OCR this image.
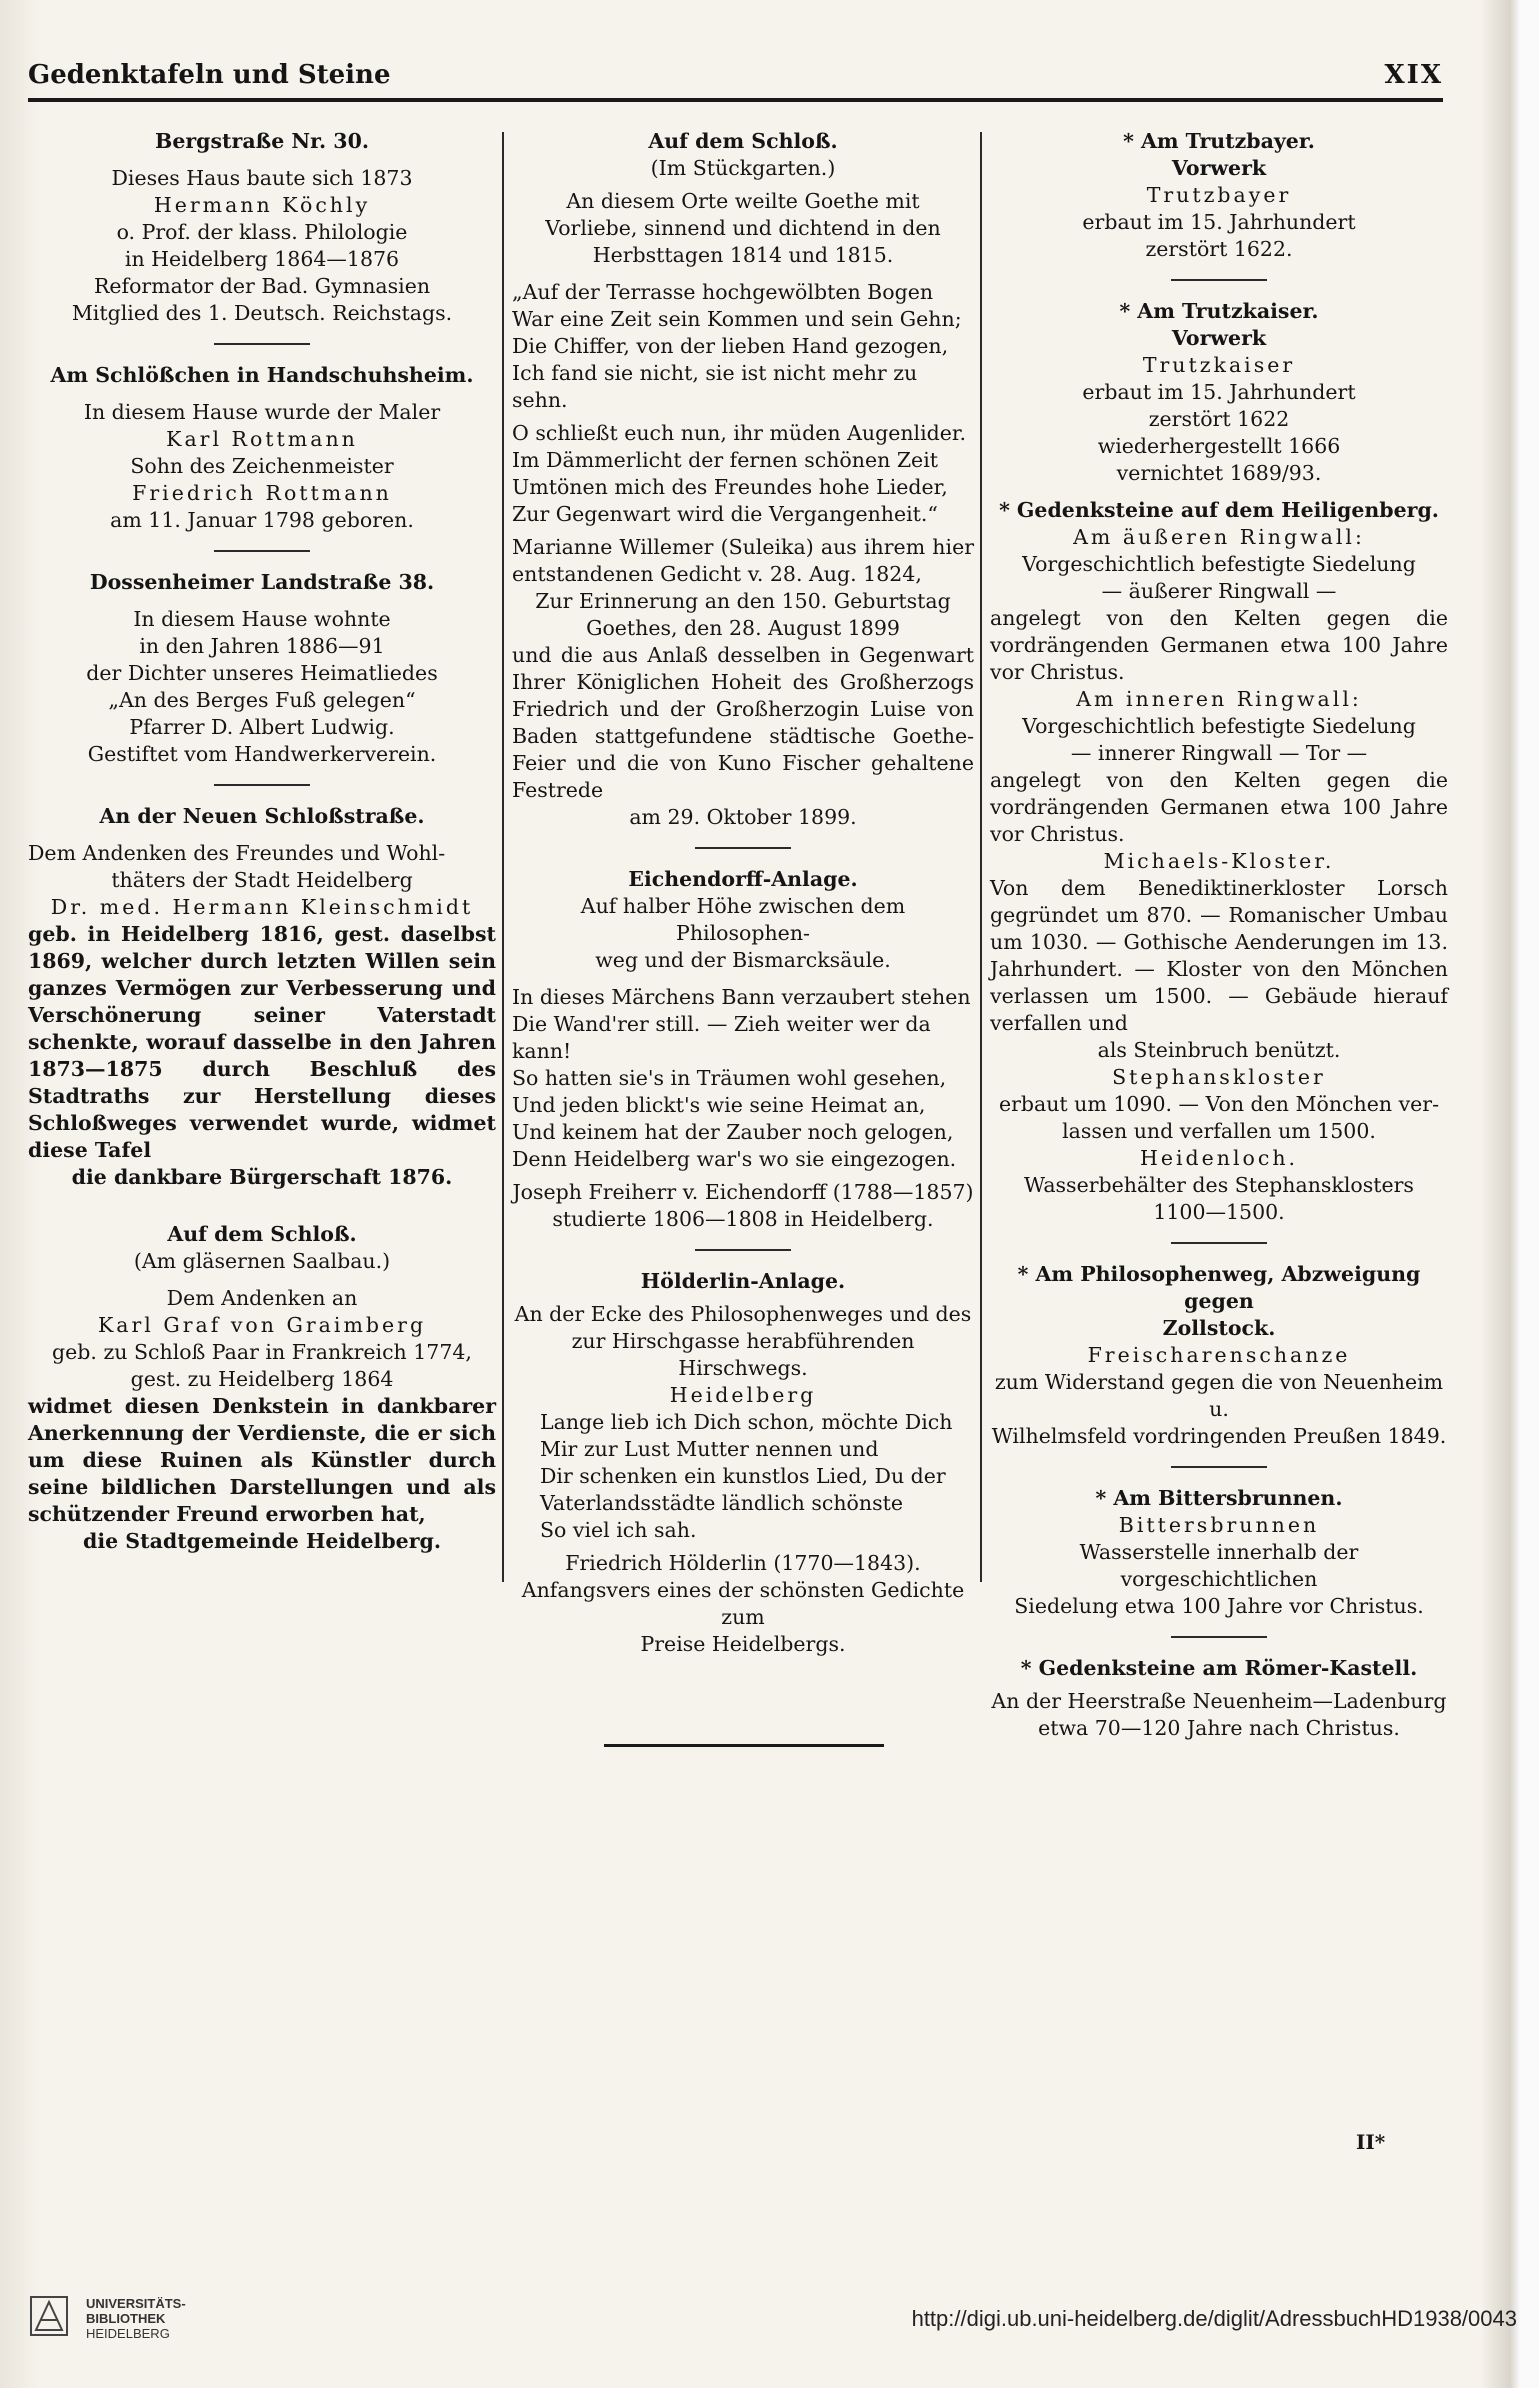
Gedenktafeln und Steine	XIX
Bergstraße Nr. 30.
Dieses Haus baute sich 1873
Hermann Köchly
o. Prof. der klass. Philologie
in Heidelberg 1864—1876
Reformator der Bad. Gymnasien
Mitglied des 1. Deutsch. Reichstags.
Am Schlößchen in Handschuhsheim.
In diesem Hause wurde der Maler
Karl Rottmann
Sohn des Zeichenmeister
Friedrich Rottmann
am 11. Januar 1798 geboren.
Dossenheimer Landstraße 38.
In diesem Hause wohnte
in den Jahren 1886—91
der Dichter unseres Heimatliedes
„An des Berges Fuß gelegen“
Pfarrer D. Albert Ludwig.
Gestiftet vom Handwerkerverein.
An der Neuen Schloßstraße.
Dem Andenken des Freundes und Wohl-
thäters der Stadt Heidelberg
Dr. med. Hermann Kleinschmidt
geb. in Heidelberg 1816, gest. daselbst 1869, welcher durch letzten Willen sein ganzes Vermögen zur Verbesserung und Verschönerung seiner Vaterstadt schenkte, worauf dasselbe in den Jahren 1873—1875 durch Beschluß des Stadtraths zur Herstellung dieses Schloßweges verwendet wurde, widmet diese Tafel
die dankbare Bürgerschaft 1876.
Auf dem Schloß.
(Am gläsernen Saalbau.)
Dem Andenken an
Karl Graf von Graimberg
geb. zu Schloß Paar in Frankreich 1774,
gest. zu Heidelberg 1864
widmet diesen Denkstein in dankbarer Anerkennung der Verdienste, die er sich um diese Ruinen als Künstler durch seine bildlichen Darstellungen und als schützender Freund erworben hat,
die Stadtgemeinde Heidelberg.
Auf dem Schloß.
(Im Stückgarten.)
An diesem Orte weilte Goethe mit
Vorliebe, sinnend und dichtend in den
Herbsttagen 1814 und 1815.
„Auf der Terrasse hochgewölbten Bogen
War eine Zeit sein Kommen und sein Gehn;
Die Chiffer, von der lieben Hand gezogen,
Ich fand sie nicht, sie ist nicht mehr zu sehn.
O schließt euch nun, ihr müden Augenlider.
Im Dämmerlicht der fernen schönen Zeit
Umtönen mich des Freundes hohe Lieder,
Zur Gegenwart wird die Vergangenheit.“
Marianne Willemer (Suleika) aus ihrem hier entstandenen Gedicht v. 28. Aug. 1824,
Zur Erinnerung an den 150. Geburtstag
Goethes, den 28. August 1899
und die aus Anlaß desselben in Gegenwart Ihrer Königlichen Hoheit des Großherzogs Friedrich und der Großherzogin Luise von Baden stattgefundene städtische Goethe-Feier und die von Kuno Fischer gehaltene Festrede
am 29. Oktober 1899.
Eichendorff-Anlage.
Auf halber Höhe zwischen dem Philosophen-
weg und der Bismarcksäule.
In dieses Märchens Bann verzaubert stehen
Die Wand'rer still. — Zieh weiter wer da
kann!
So hatten sie's in Träumen wohl gesehen,
Und jeden blickt's wie seine Heimat an,
Und keinem hat der Zauber noch gelogen,
Denn Heidelberg war's wo sie eingezogen.
Joseph Freiherr v. Eichendorff (1788—1857)
studierte 1806—1808 in Heidelberg.
Hölderlin-Anlage.
An der Ecke des Philosophenweges und des
zur Hirschgasse herabführenden Hirschwegs.
Heidelberg
Lange lieb ich Dich schon, möchte Dich
Mir zur Lust Mutter nennen und
Dir schenken ein kunstlos Lied, Du der
Vaterlandsstädte ländlich schönste
So viel ich sah.
Friedrich Hölderlin (1770—1843).
Anfangsvers eines der schönsten Gedichte zum
Preise Heidelbergs.
* Am Trutzbayer.
Vorwerk
Trutzbayer
erbaut im 15. Jahrhundert
zerstört 1622.
* Am Trutzkaiser.
Vorwerk
Trutzkaiser
erbaut im 15. Jahrhundert
zerstört 1622
wiederhergestellt 1666
vernichtet 1689/93.
* Gedenksteine auf dem Heiligenberg.
Am äußeren Ringwall:
Vorgeschichtlich befestigte Siedelung
— äußerer Ringwall —
angelegt von den Kelten gegen die vordrängenden Germanen etwa 100 Jahre vor Christus.
Am inneren Ringwall:
Vorgeschichtlich befestigte Siedelung
— innerer Ringwall — Tor —
angelegt von den Kelten gegen die vordrängenden Germanen etwa 100 Jahre vor Christus.
Michaels-Kloster.
Von dem Benediktinerkloster Lorsch gegründet um 870. — Romanischer Umbau um 1030. — Gothische Aenderungen im 13. Jahrhundert. — Kloster von den Mönchen verlassen um 1500. — Gebäude hierauf verfallen und
als Steinbruch benützt.
Stephanskloster
erbaut um 1090. — Von den Mönchen ver-
lassen und verfallen um 1500.
Heidenloch.
Wasserbehälter des Stephansklosters
1100—1500.
* Am Philosophenweg, Abzweigung gegen
Zollstock.
Freischarenschanze
zum Widerstand gegen die von Neuenheim u.
Wilhelmsfeld vordringenden Preußen 1849.
* Am Bittersbrunnen.
Bittersbrunnen
Wasserstelle innerhalb der vorgeschichtlichen
Siedelung etwa 100 Jahre vor Christus.
* Gedenksteine am Römer-Kastell.
An der Heerstraße Neuenheim—Ladenburg
etwa 70—120 Jahre nach Christus.
II*
UNIVERSITÄTS-
BIBLIOTHEK
HEIDELBERG
http://digi.ub.uni-heidelberg.de/diglit/AdressbuchHD1938/0043
